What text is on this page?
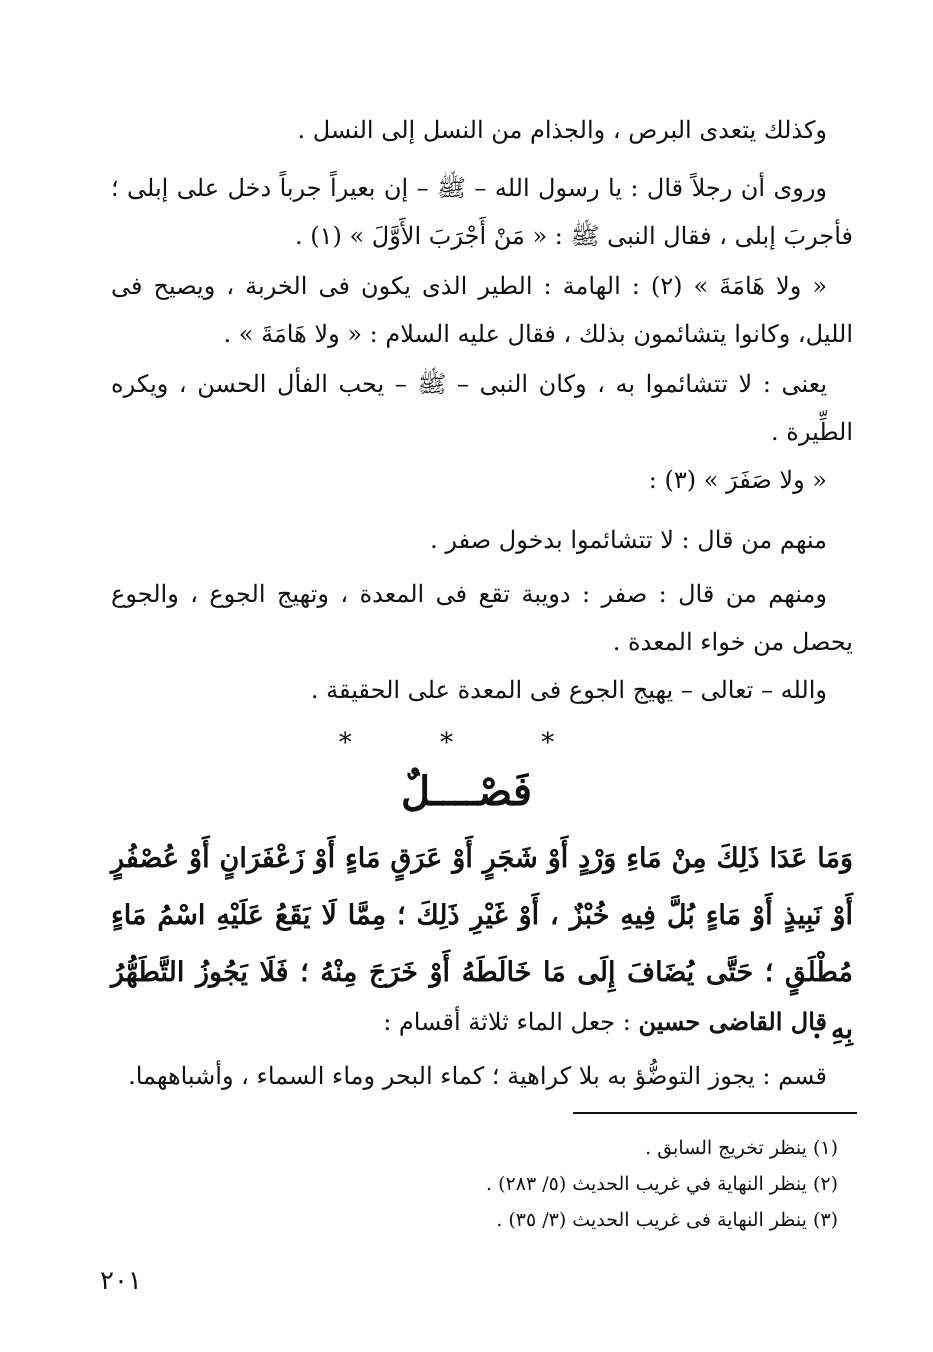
وكذلك يتعدى البرص ، والجذام من النسل إلى النسل .

وروى أن رجلاً قال : يا رسول الله – ﷺ – إن بعيراً جرباً دخل على إبلى ؛ فأجربَ إبلى ، فقال النبى ﷺ : « مَنْ أَجْرَبَ الأَوَّلَ » (١) .

« ولا هَامَةَ » (٢) : الهامة : الطير الذى يكون فى الخربة ، ويصيح فى الليل، وكانوا يتشائمون بذلك ، فقال عليه السلام : « ولا هَامَةَ » .

يعنى : لا تتشائموا به ، وكان النبى – ﷺ – يحب الفأل الحسن ، ويكره الطِّيرة .

« ولا صَفَرَ » (٣) :

منهم من قال : لا تتشائموا بدخول صفر .

ومنهم من قال : صفر : دويبة تقع فى المعدة ، وتهيج الجوع ، والجوع يحصل من خواء المعدة .

والله – تعالى – يهيج الجوع فى المعدة على الحقيقة .

* * *
فَصْــــلٌ

وَمَا عَدَا ذَلِكَ مِنْ مَاءِ وَرْدٍ أَوْ شَجَرٍ أَوْ عَرَقٍ مَاءٍ أَوْ زَعْفَرَانٍ أَوْ عُصْفُرٍ أَوْ نَبِيذٍ أَوْ مَاءٍ بُلَّ فِيهِ خُبْزٌ ، أَوْ غَيْرِ ذَلِكَ ؛ مِمَّا لَا يَقَعُ عَلَيْهِ اسْمُ مَاءٍ مُطْلَقٍ ؛ حَتَّى يُضَافَ إِلَى مَا خَالَطَهُ أَوْ خَرَجَ مِنْهُ ؛ فَلَا يَجُوزُ التَّطَهُّرُ بِهِ .

قال القاضى حسين : جعل الماء ثلاثة أقسام :

قسم : يجوز التوضُّؤ به بلا كراهية ؛ كماء البحر وماء السماء ، وأشباههما.

(١) ينظر تخريج السابق .

(٢) ينظر النهاية في غريب الحديث (٥/ ٢٨٣) .

(٣) ينظر النهاية فى غريب الحديث (٣/ ٣٥) .

٢٠١
